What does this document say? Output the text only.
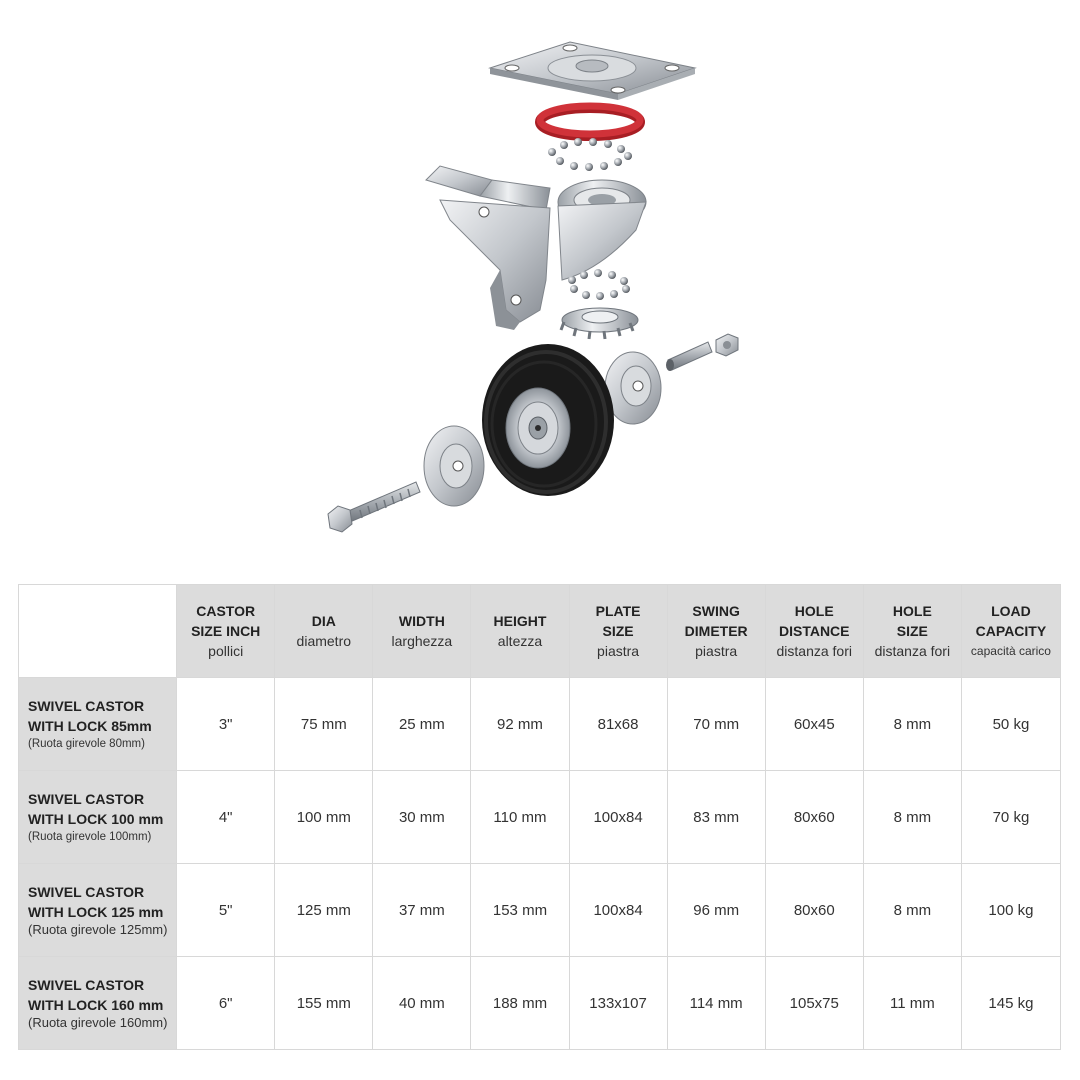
	CASTOR
SIZE INCH
pollici	DIA
diametro	WIDTH
larghezza	HEIGHT
altezza	PLATE
SIZE
piastra	SWING
DIMETER
piastra	HOLE
DISTANCE
distanza fori	HOLE
SIZE
distanza fori	LOAD
CAPACITY
capacità carico

SWIVEL CASTOR
WITH LOCK 85mm
(Ruota girevole 80mm)	3"	75 mm	25 mm	92 mm	81x68	70 mm	60x45	8 mm	50 kg

SWIVEL CASTOR
WITH LOCK 100 mm
(Ruota girevole 100mm)	4"	100 mm	30 mm	110 mm	100x84	83 mm	80x60	8 mm	70 kg

SWIVEL CASTOR
WITH LOCK 125 mm
(Ruota girevole 125mm)	5"	125 mm	37 mm	153 mm	100x84	96 mm	80x60	8 mm	100 kg

SWIVEL CASTOR
WITH LOCK 160 mm
(Ruota girevole 160mm)	6"	155 mm	40 mm	188 mm	133x107	114 mm	105x75	11 mm	145 kg
